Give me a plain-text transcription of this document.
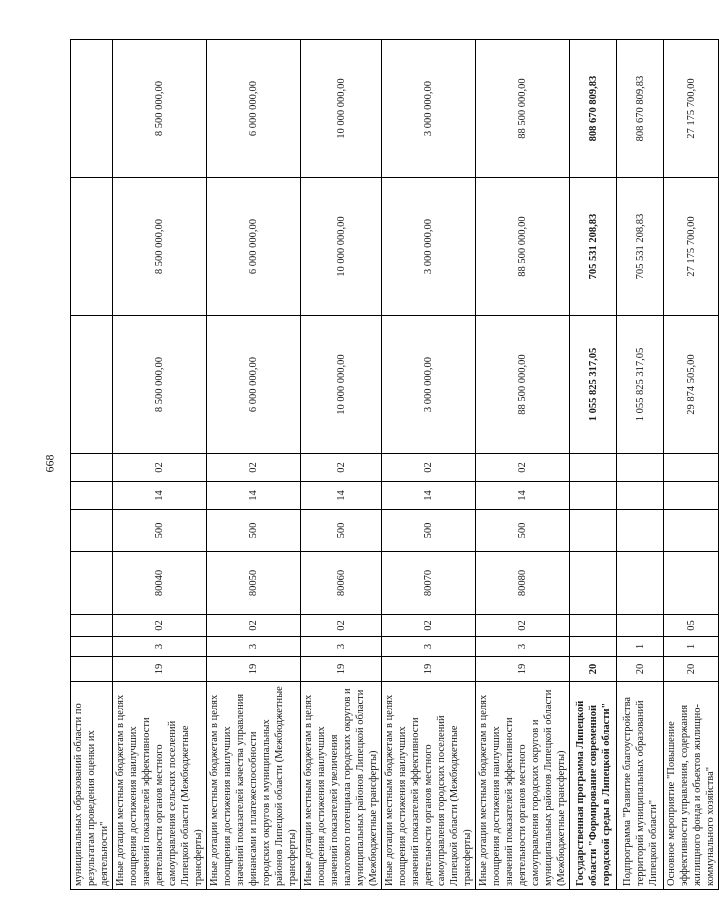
668
муниципальных образований области по результатам проведения оценки их деятельности"										
Иные дотации местным бюджетам в целях поощрения достижения наилучших значений показателей эффективности деятельности органов местного самоуправления сельских поселений Липецкой области (Межбюджетные трансферты)	19	3	02	80040	500	14	02	8 500 000,00	8 500 000,00	8 500 000,00
Иные дотации местным бюджетам в целях поощрения достижения наилучших значений показателей качества управления финансами и платежеспособности городских округов и муниципальных районов Липецкой области (Межбюджетные трансферты)	19	3	02	80050	500	14	02	6 000 000,00	6 000 000,00	6 000 000,00
Иные дотации местным бюджетам в целях поощрения достижения наилучших значений показателей увеличения налогового потенциала городских округов и муниципальных районов Липецкой области (Межбюджетные трансферты)	19	3	02	80060	500	14	02	10 000 000,00	10 000 000,00	10 000 000,00
Иные дотации местным бюджетам в целях поощрения достижения наилучших значений показателей эффективности деятельности органов местного самоуправления городских поселений Липецкой области (Межбюджетные трансферты)	19	3	02	80070	500	14	02	3 000 000,00	3 000 000,00	3 000 000,00
Иные дотации местным бюджетам в целях поощрения достижения наилучших значений показателей эффективности деятельности органов местного самоуправления городских округов и муниципальных районов Липецкой области (Межбюджетные трансферты)	19	3	02	80080	500	14	02	88 500 000,00	88 500 000,00	88 500 000,00
Государственная программа Липецкой области "Формирование современной городской среды в Липецкой области"	20							1 055 825 317,05	705 531 208,83	808 670 809,83
Подпрограмма "Развитие благоустройства территорий муниципальных образований Липецкой области"	20	1						1 055 825 317,05	705 531 208,83	808 670 809,83
Основное мероприятие "Повышение эффективности управления, содержания жилищного фонда и объектов жилищно-коммунального хозяйства"	20	1	05					29 874 505,00	27 175 700,00	27 175 700,00
